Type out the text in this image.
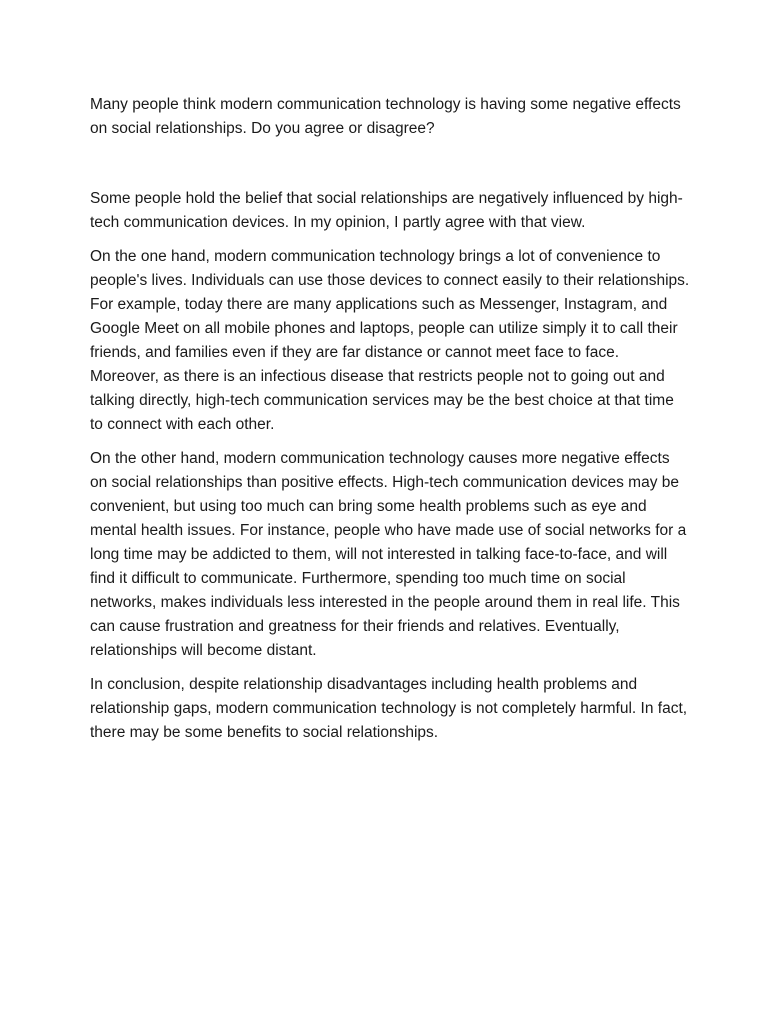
Many people think modern communication technology is having some negative effects on social relationships. Do you agree or disagree?

Some people hold the belief that social relationships are negatively influenced by high-tech communication devices. In my opinion, I partly agree with that view.

On the one hand, modern communication technology brings a lot of convenience to people's lives. Individuals can use those devices to connect easily to their relationships. For example, today there are many applications such as Messenger, Instagram, and Google Meet on all mobile phones and laptops, people can utilize simply it to call their friends, and families even if they are far distance or cannot meet face to face. Moreover, as there is an infectious disease that restricts people not to going out and talking directly, high-tech communication services may be the best choice at that time to connect with each other.

On the other hand, modern communication technology causes more negative effects on social relationships than positive effects. High-tech communication devices may be convenient, but using too much can bring some health problems such as eye and mental health issues. For instance, people who have made use of social networks for a long time may be addicted to them, will not interested in talking face-to-face, and will find it difficult to communicate. Furthermore, spending too much time on social networks, makes individuals less interested in the people around them in real life. This can cause frustration and greatness for their friends and relatives. Eventually, relationships will become distant.

In conclusion, despite relationship disadvantages including health problems and relationship gaps, modern communication technology is not completely harmful. In fact, there may be some benefits to social relationships.
